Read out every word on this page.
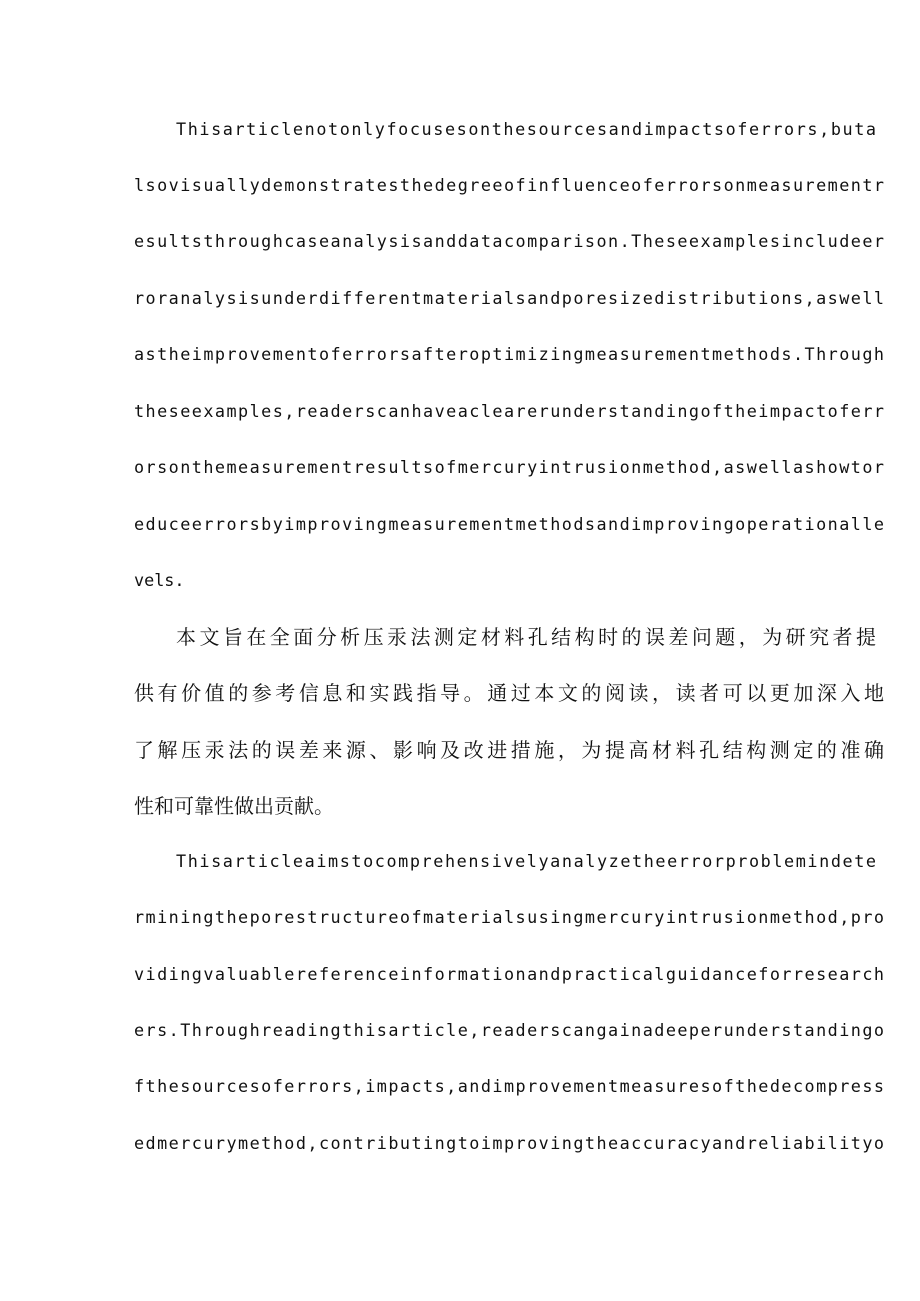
Thisarticlenotonlyfocusesonthesourcesandimpactsoferrors,buta
lsovisuallydemonstratesthedegreeofinfluenceoferrorsonmeasurementr
esultsthroughcaseanalysisanddatacomparison.Theseexamplesincludeer
roranalysisunderdifferentmaterialsandporesizedistributions,aswell
astheimprovementoferrorsafteroptimizingmeasurementmethods.Through
theseexamples,readerscanhaveaclearerunderstandingoftheimpactoferr
orsonthemeasurementresultsofmercuryintrusionmethod,aswellashowtor
educeerrorsbyimprovingmeasurementmethodsandimprovingoperationalle
vels.
本文旨在全面分析压汞法测定材料孔结构时的误差问题，为研究者提
供有价值的参考信息和实践指导。通过本文的阅读，读者可以更加深入地
了解压汞法的误差来源、影响及改进措施，为提高材料孔结构测定的准确
性和可靠性做出贡献。
Thisarticleaimstocomprehensivelyanalyzetheerrorproblemindete
rminingtheporestructureofmaterialsusingmercuryintrusionmethod,pro
vidingvaluablereferenceinformationandpracticalguidanceforresearch
ers.Throughreadingthisarticle,readerscangainadeeperunderstandingo
fthesourcesoferrors,impacts,andimprovementmeasuresofthedecompress
edmercurymethod,contributingtoimprovingtheaccuracyandreliabilityo
